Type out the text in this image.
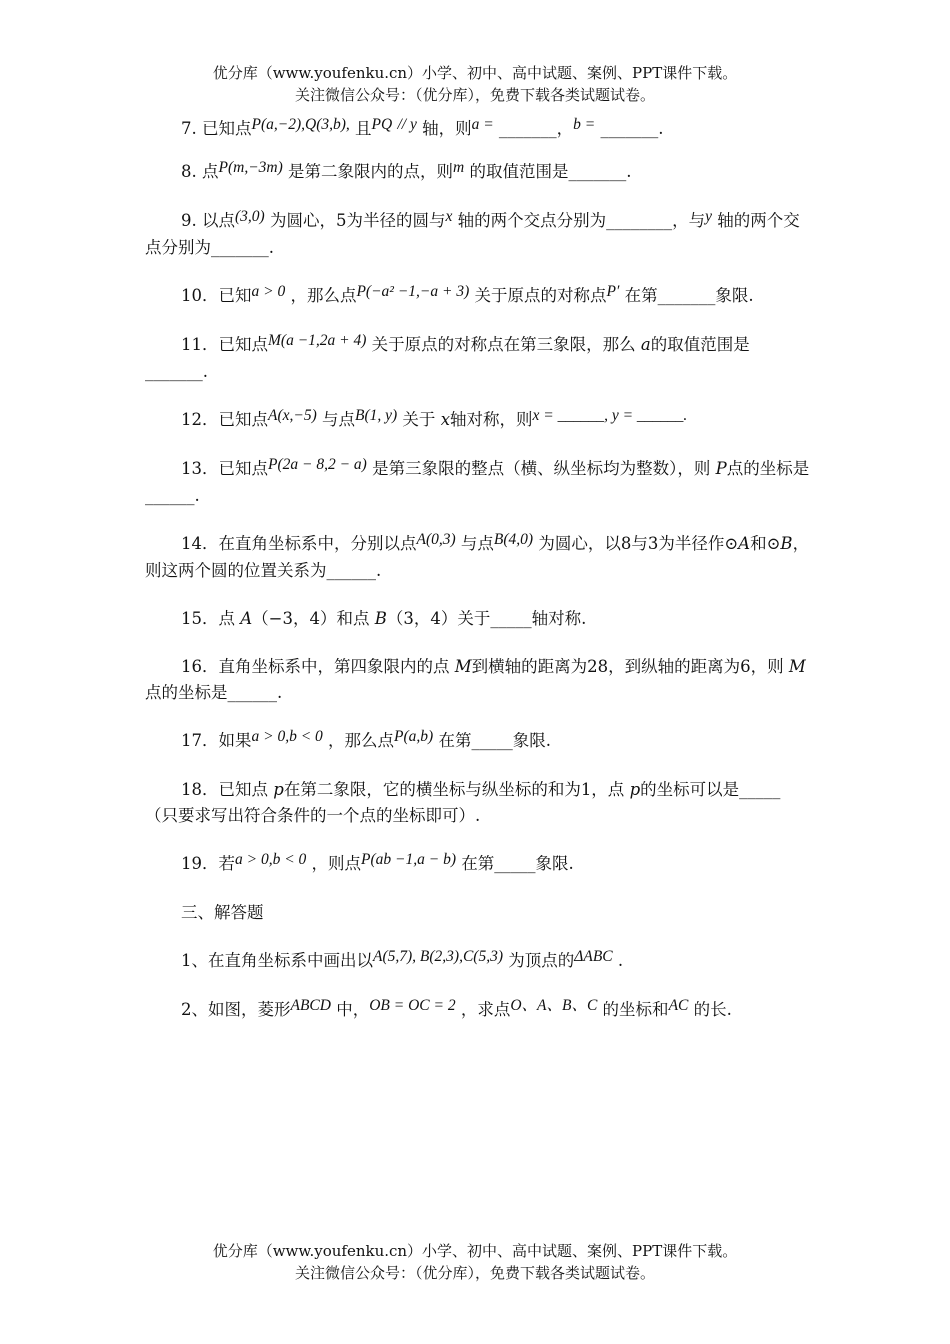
优分库（www.youfenku.cn）小学、初中、高中试题、案例、PPT课件下载。
关注微信公众号：（优分库），免费下载各类试题试卷。

7. 已知点P(a,−2),Q(3,b), 且PQ // y 轴，则a = _______，b = _______.

8. 点P(m,−3m) 是第二象限内的点，则m 的取值范围是_______.

9. 以点(3,0) 为圆心，5为半径的圆与x 轴的两个交点分别为________，与y 轴的两个交点分别为_______.

10．已知a > 0 ，那么点P(−a² −1,−a + 3) 关于原点的对称点P′ 在第_______象限.

11．已知点M(a −1,2a + 4) 关于原点的对称点在第三象限，那么 a的取值范围是_______.

12．已知点A(x,−5) 与点B(1, y) 关于 x轴对称，则x = ______, y = ______.

13．已知点P(2a − 8,2 − a) 是第三象限的整点（横、纵坐标均为整数），则 P点的坐标是______.

14．在直角坐标系中，分别以点A(0,3) 与点B(4,0) 为圆心，以8与3为半径作⊙A和⊙B，则这两个圆的位置关系为______.

15．点 A（−3，4）和点 B（3，4）关于_____轴对称.

16．直角坐标系中，第四象限内的点 M到横轴的距离为28，到纵轴的距离为6，则 M点的坐标是______.

17．如果a > 0,b < 0 ，那么点P(a,b) 在第_____象限.

18．已知点 p在第二象限，它的横坐标与纵坐标的和为1，点 p的坐标可以是_____（只要求写出符合条件的一个点的坐标即可）.

19．若a > 0,b < 0 ，则点P(ab −1,a − b) 在第_____象限.

三、解答题

1、在直角坐标系中画出以A(5,7), B(2,3),C(5,3) 为顶点的ΔABC .

2、如图，菱形ABCD 中，OB = OC = 2 ，求点O、A、B、C 的坐标和AC 的长.

优分库（www.youfenku.cn）小学、初中、高中试题、案例、PPT课件下载。
关注微信公众号：（优分库），免费下载各类试题试卷。
